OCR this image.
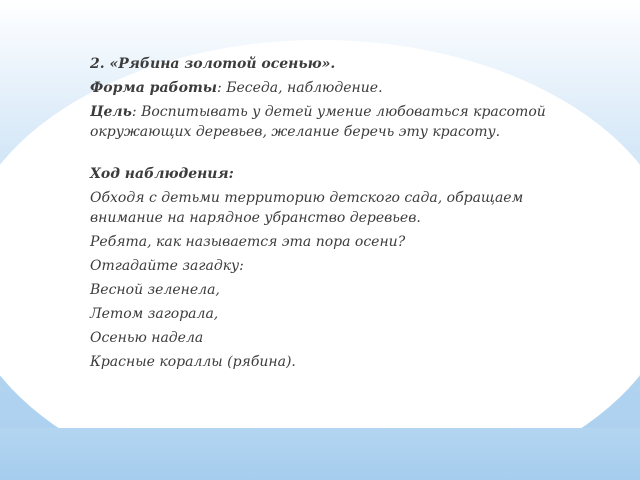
2. «Рябина золотой осенью».

Форма работы: Беседа, наблюдение.

Цель: Воспитывать у детей умение любоваться красотой окружающих деревьев, желание беречь эту красоту.

Ход наблюдения:

Обходя с детьми территорию детского сада, обращаем внимание на нарядное убранство деревьев.

Ребята, как называется эта пора осени?

Отгадайте загадку:

Весной зеленела,

Летом загорала,

Осенью надела

Красные кораллы (рябина).
